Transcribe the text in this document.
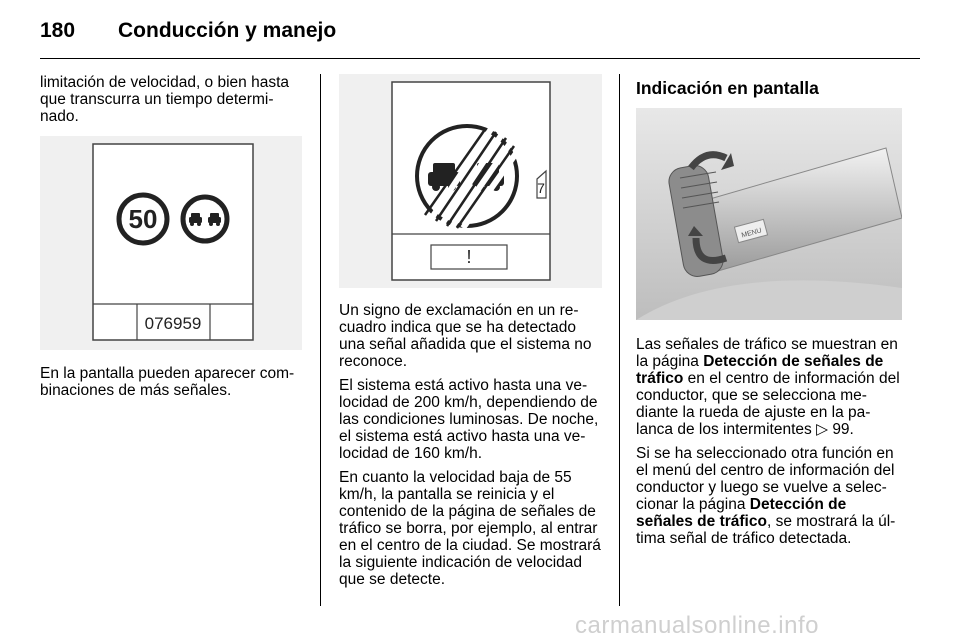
180	Conducción y manejo

limitación de velocidad, o bien hasta que transcurra un tiempo determinado.

50
076959

En la pantalla pueden aparecer combinaciones de más señales.

7
!

Un signo de exclamación en un recuadro indica que se ha detectado una señal añadida que el sistema no reconoce.

El sistema está activo hasta una velocidad de 200 km/h, dependiendo de las condiciones luminosas. De noche, el sistema está activo hasta una velocidad de 160 km/h.

En cuanto la velocidad baja de 55 km/h, la pantalla se reinicia y el contenido de la página de señales de tráfico se borra, por ejemplo, al entrar en el centro de la ciudad. Se mostrará la siguiente indicación de velocidad que se detecte.

Indicación en pantalla
MENU

Las señales de tráfico se muestran en la página Detección de señales de tráfico en el centro de información del conductor, que se selecciona mediante la rueda de ajuste en la palanca de los intermitentes ▷ 99.

Si se ha seleccionado otra función en el menú del centro de información del conductor y luego se vuelve a seleccionar la página Detección de señales de tráfico, se mostrará la última señal de tráfico detectada.

carmanualsonline.info
